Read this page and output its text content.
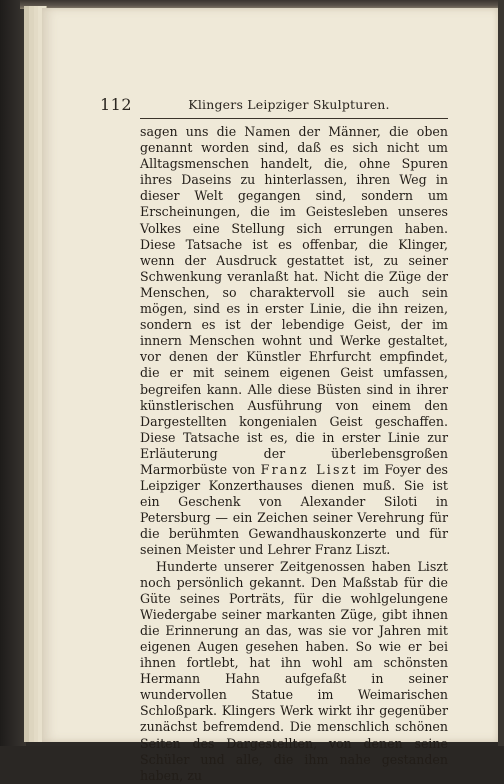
112	Klingers Leipziger Skulpturen.

sagen uns die Namen der Männer, die oben genannt worden sind, daß es sich nicht um Alltagsmenschen handelt, die, ohne Spuren ihres Daseins zu hinterlassen, ihren Weg in dieser Welt gegangen sind, sondern um Erscheinungen, die im Geistesleben unseres Volkes eine Stellung sich errungen haben. Diese Tatsache ist es offenbar, die Klinger, wenn der Ausdruck gestattet ist, zu seiner Schwenkung veranlaßt hat. Nicht die Züge der Menschen, so charaktervoll sie auch sein mögen, sind es in erster Linie, die ihn reizen, sondern es ist der lebendige Geist, der im innern Menschen wohnt und Werke gestaltet, vor denen der Künstler Ehrfurcht empfindet, die er mit seinem eigenen Geist umfassen, begreifen kann. Alle diese Büsten sind in ihrer künstlerischen Ausführung von einem den Dargestellten kongenialen Geist geschaffen. Diese Tatsache ist es, die in erster Linie zur Erläuterung der überlebensgroßen Marmorbüste von Franz Liszt im Foyer des Leipziger Konzerthauses dienen muß. Sie ist ein Geschenk von Alexander Siloti in Petersburg — ein Zeichen seiner Verehrung für die berühmten Gewandhauskonzerte und für seinen Meister und Lehrer Franz Liszt.

Hunderte unserer Zeitgenossen haben Liszt noch persönlich gekannt. Den Maßstab für die Güte seines Porträts, für die wohlgelungene Wiedergabe seiner markanten Züge, gibt ihnen die Erinnerung an das, was sie vor Jahren mit eigenen Augen gesehen haben. So wie er bei ihnen fortlebt, hat ihn wohl am schönsten Hermann Hahn aufgefaßt in seiner wundervollen Statue im Weimarischen Schloßpark. Klingers Werk wirkt ihr gegenüber zunächst befremdend. Die menschlich schönen Seiten des Dargestellten, von denen seine Schüler und alle, die ihm nahe gestanden haben, zu
